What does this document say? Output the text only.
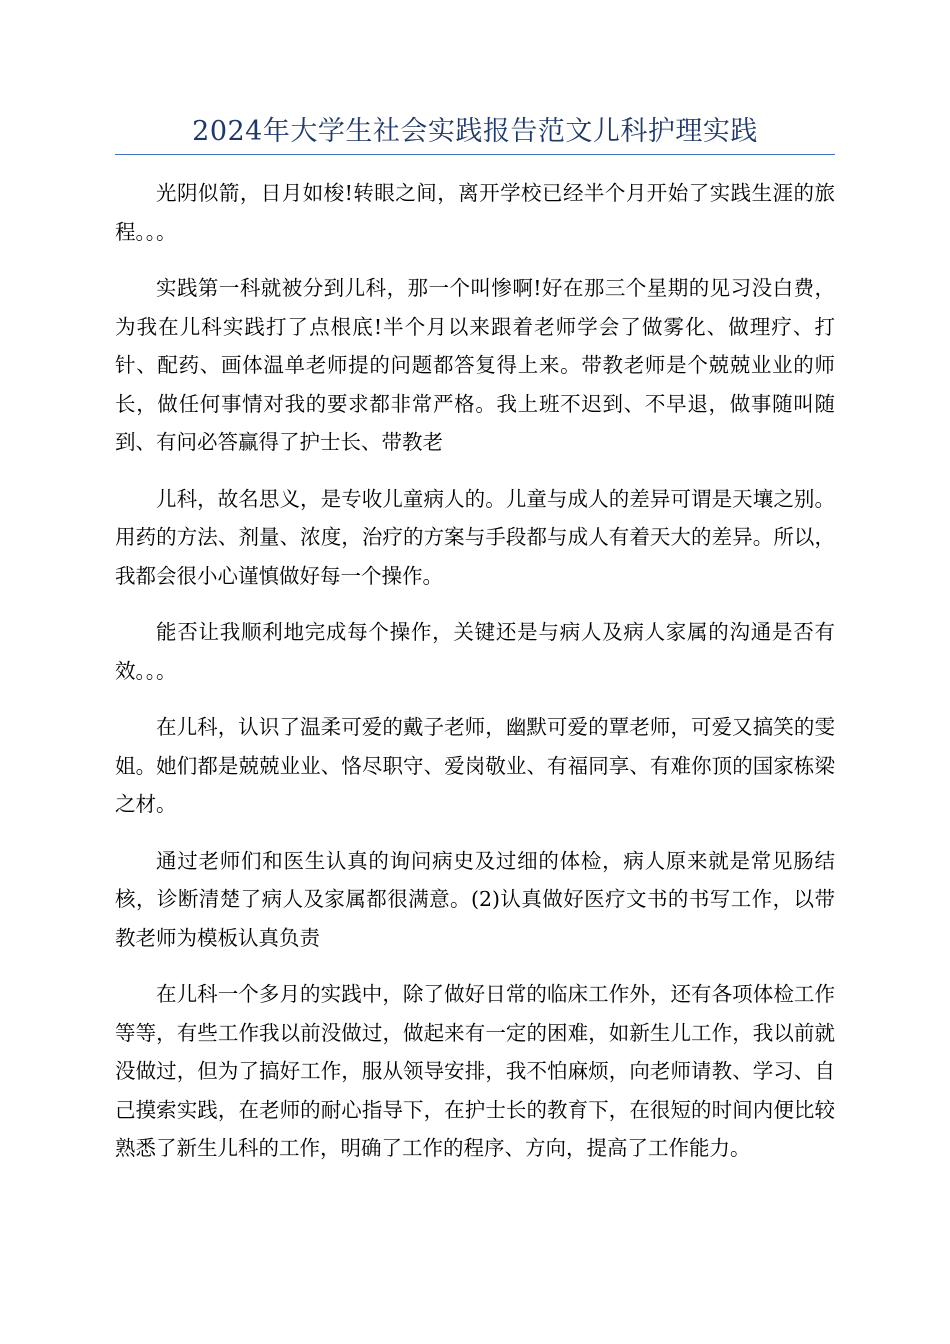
2024年大学生社会实践报告范文儿科护理实践

光阴似箭，日月如梭!转眼之间，离开学校已经半个月开始了实践生涯的旅程。。。

实践第一科就被分到儿科，那一个叫惨啊!好在那三个星期的见习没白费，为我在儿科实践打了点根底!半个月以来跟着老师学会了做雾化、做理疗、打针、配药、画体温单老师提的问题都答复得上来。带教老师是个兢兢业业的师长，做任何事情对我的要求都非常严格。我上班不迟到、不早退，做事随叫随到、有问必答赢得了护士长、带教老

儿科，故名思义，是专收儿童病人的。儿童与成人的差异可谓是天壤之别。用药的方法、剂量、浓度，治疗的方案与手段都与成人有着天大的差异。所以，我都会很小心谨慎做好每一个操作。

能否让我顺利地完成每个操作，关键还是与病人及病人家属的沟通是否有效。。。

在儿科，认识了温柔可爱的戴子老师，幽默可爱的覃老师，可爱又搞笑的雯姐。她们都是兢兢业业、恪尽职守、爱岗敬业、有福同享、有难你顶的国家栋梁之材。

通过老师们和医生认真的询问病史及过细的体检，病人原来就是常见肠结核，诊断清楚了病人及家属都很满意。(2)认真做好医疗文书的书写工作，以带教老师为模板认真负责

在儿科一个多月的实践中，除了做好日常的临床工作外，还有各项体检工作等等，有些工作我以前没做过，做起来有一定的困难，如新生儿工作，我以前就没做过，但为了搞好工作，服从领导安排，我不怕麻烦，向老师请教、学习、自己摸索实践，在老师的耐心指导下，在护士长的教育下，在很短的时间内便比较熟悉了新生儿科的工作，明确了工作的程序、方向，提高了工作能力。
